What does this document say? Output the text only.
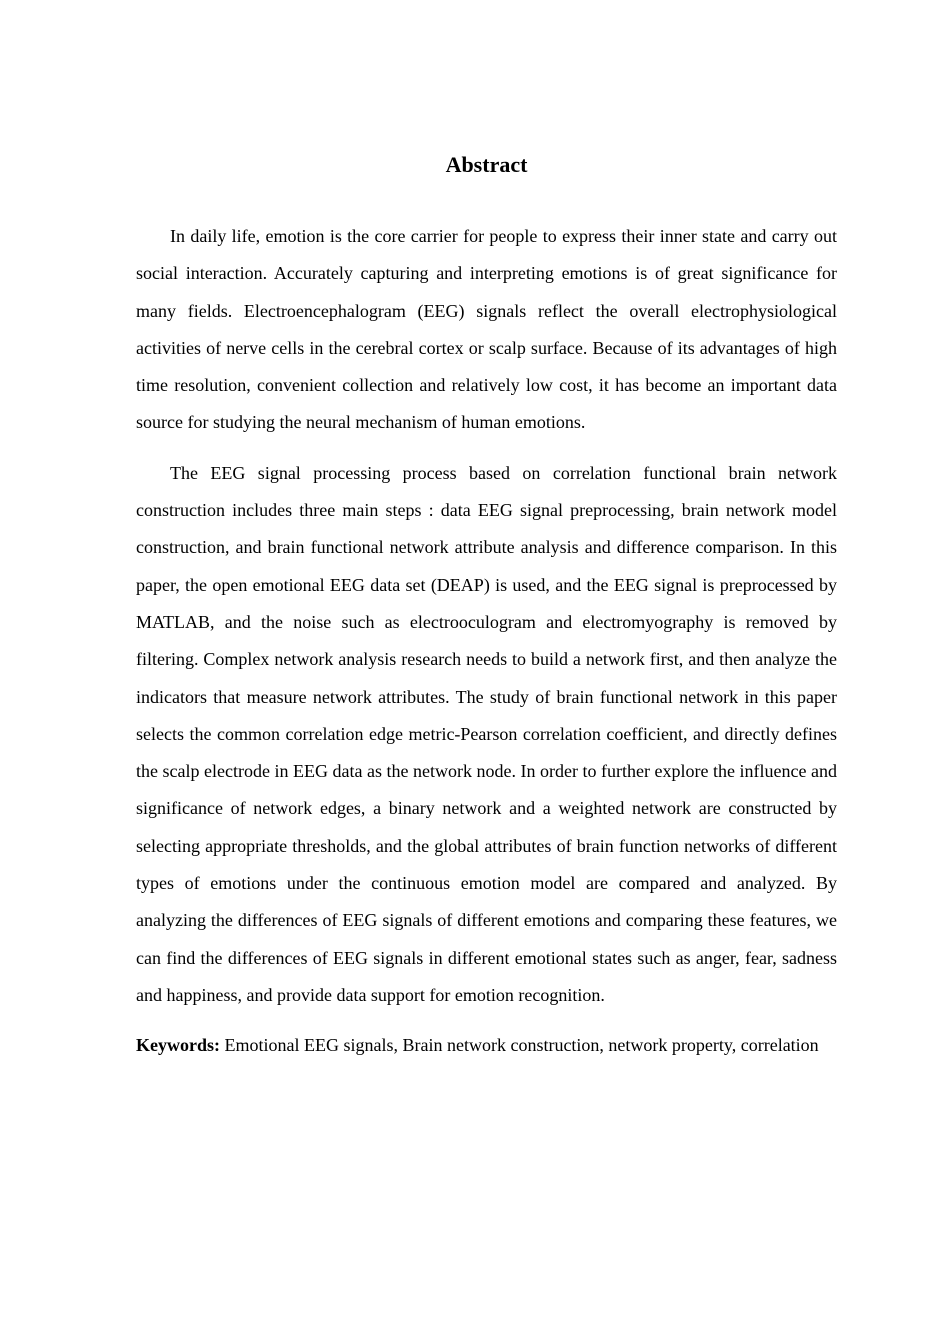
Abstract

In daily life, emotion is the core carrier for people to express their inner state and carry out social interaction. Accurately capturing and interpreting emotions is of great significance for many fields. Electroencephalogram (EEG) signals reflect the overall electrophysiological activities of nerve cells in the cerebral cortex or scalp surface. Because of its advantages of high time resolution, convenient collection and relatively low cost, it has become an important data source for studying the neural mechanism of human emotions.

The EEG signal processing process based on correlation functional brain network construction includes three main steps : data EEG signal preprocessing, brain network model construction, and brain functional network attribute analysis and difference comparison. In this paper, the open emotional EEG data set (DEAP) is used, and the EEG signal is preprocessed by MATLAB, and the noise such as electrooculogram and electromyography is removed by filtering. Complex network analysis research needs to build a network first, and then analyze the indicators that measure network attributes. The study of brain functional network in this paper selects the common correlation edge metric-Pearson correlation coefficient, and directly defines the scalp electrode in EEG data as the network node. In order to further explore the influence and significance of network edges, a binary network and a weighted network are constructed by selecting appropriate thresholds, and the global attributes of brain function networks of different types of emotions under the continuous emotion model are compared and analyzed. By analyzing the differences of EEG signals of different emotions and comparing these features, we can find the differences of EEG signals in different emotional states such as anger, fear, sadness and happiness, and provide data support for emotion recognition.

Keywords: Emotional EEG signals, Brain network construction, network property, correlation
